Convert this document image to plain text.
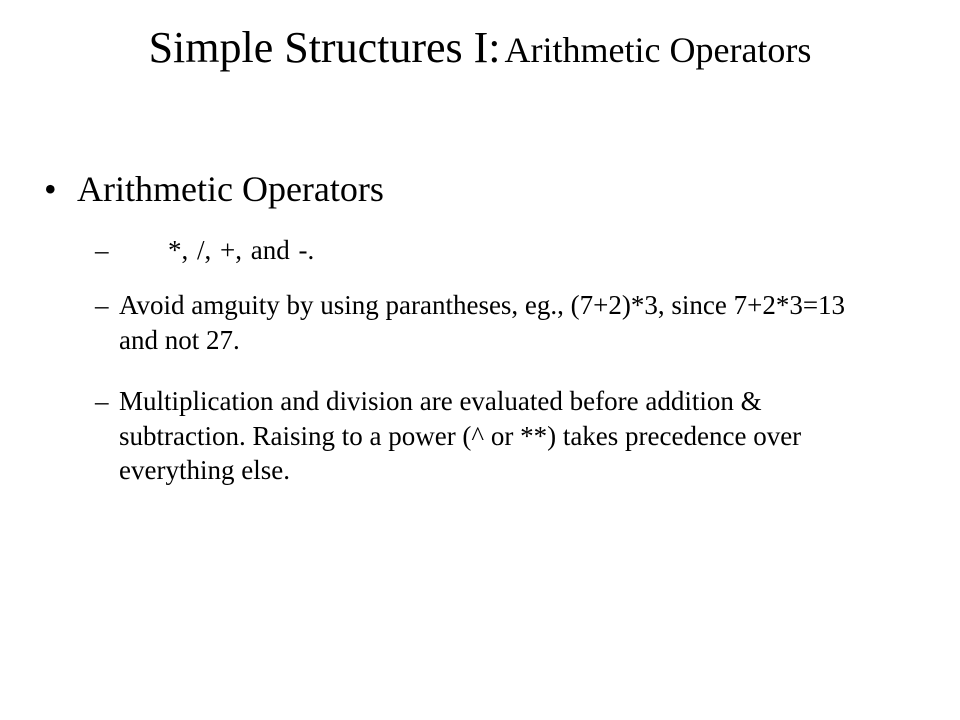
Simple Structures I: Arithmetic Operators
• Arithmetic Operators
–	*, /, +, and -.
– Avoid amguity by using parantheses, eg., (7+2)*3, since 7+2*3=13 and not 27.
– Multiplication and division are evaluated before addition & subtraction. Raising to a power (^ or **) takes precedence over everything else.
